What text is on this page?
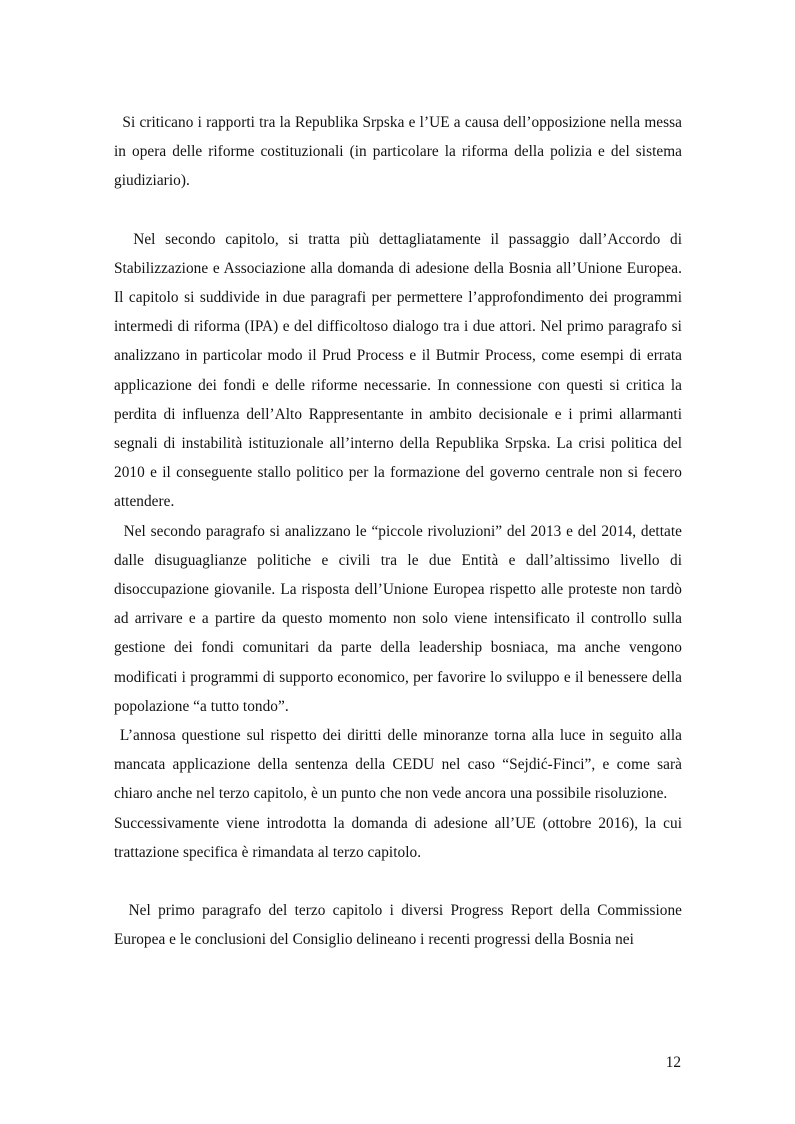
Si criticano i rapporti tra la Republika Srpska e l’UE a causa dell’opposizione nella messa in opera delle riforme costituzionali (in particolare la riforma della polizia e del sistema giudiziario).

Nel secondo capitolo, si tratta più dettagliatamente il passaggio dall’Accordo di Stabilizzazione e Associazione alla domanda di adesione della Bosnia all’Unione Europea. Il capitolo si suddivide in due paragrafi per permettere l’approfondimento dei programmi intermedi di riforma (IPA) e del difficoltoso dialogo tra i due attori. Nel primo paragrafo si analizzano in particolar modo il Prud Process e il Butmir Process, come esempi di errata applicazione dei fondi e delle riforme necessarie. In connessione con questi si critica la perdita di influenza dell’Alto Rappresentante in ambito decisionale e i primi allarmanti segnali di instabilità istituzionale all’interno della Republika Srpska. La crisi politica del 2010 e il conseguente stallo politico per la formazione del governo centrale non si fecero attendere.

Nel secondo paragrafo si analizzano le “piccole rivoluzioni” del 2013 e del 2014, dettate dalle disuguaglianze politiche e civili tra le due Entità e dall’altissimo livello di disoccupazione giovanile. La risposta dell’Unione Europea rispetto alle proteste non tardò ad arrivare e a partire da questo momento non solo viene intensificato il controllo sulla gestione dei fondi comunitari da parte della leadership bosniaca, ma anche vengono modificati i programmi di supporto economico, per favorire lo sviluppo e il benessere della popolazione “a tutto tondo”.

L’annosa questione sul rispetto dei diritti delle minoranze torna alla luce in seguito alla mancata applicazione della sentenza della CEDU nel caso “Sejdić-Finci”, e come sarà chiaro anche nel terzo capitolo, è un punto che non vede ancora una possibile risoluzione.

Successivamente viene introdotta la domanda di adesione all’UE (ottobre 2016), la cui trattazione specifica è rimandata al terzo capitolo.

Nel primo paragrafo del terzo capitolo i diversi Progress Report della Commissione Europea e le conclusioni del Consiglio delineano i recenti progressi della Bosnia nei

12
